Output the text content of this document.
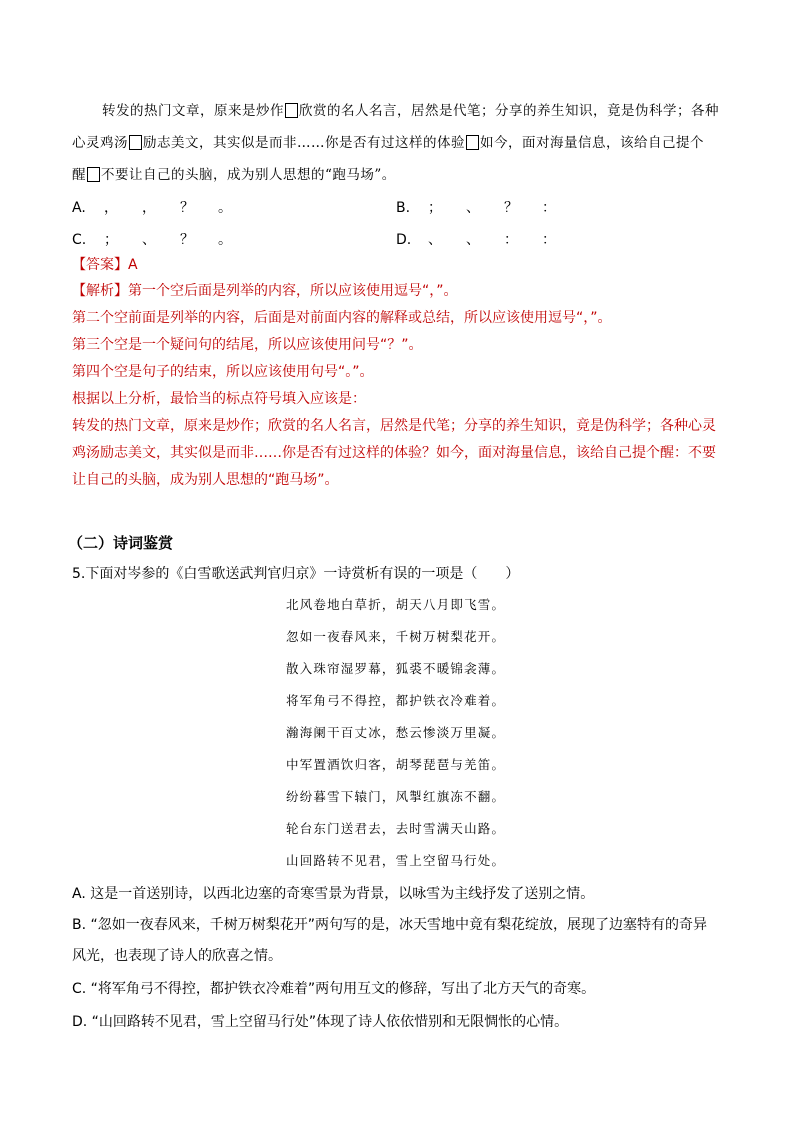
转发的热门文章，原来是炒作 欣赏的名人名言，居然是代笔；分享的养生知识，竟是伪科学；各种
心灵鸡汤 励志美文，其实似是而非……你是否有过这样的体验 如今，面对海量信息，该给自己提个
醒 不要让自己的头脑，成为别人思想的“跑马场”。
A. ， ， ？ 。	B. ； 、 ？ ：
C. ； 、 ？ 。	D. 、 、 ： ：
【答案】A
【解析】第一个空后面是列举的内容，所以应该使用逗号“，”。
第二个空前面是列举的内容，后面是对前面内容的解释或总结，所以应该使用逗号“，”。
第三个空是一个疑问句的结尾，所以应该使用问号“？”。
第四个空是句子的结束，所以应该使用句号“。”。
根据以上分析，最恰当的标点符号填入应该是：
转发的热门文章，原来是炒作；欣赏的名人名言，居然是代笔；分享的养生知识，竟是伪科学；各种心灵
鸡汤励志美文，其实似是而非……你是否有过这样的体验？如今，面对海量信息，该给自己提个醒：不要
让自己的头脑，成为别人思想的“跑马场”。
（二）诗词鉴赏
5.下面对岑参的《白雪歌送武判官归京》一诗赏析有误的一项是（　　）
北风卷地白草折，胡天八月即飞雪。
忽如一夜春风来，千树万树梨花开。
散入珠帘湿罗幕，狐裘不暖锦衾薄。
将军角弓不得控，都护铁衣冷难着。
瀚海阑干百丈冰，愁云惨淡万里凝。
中军置酒饮归客，胡琴琵琶与羌笛。
纷纷暮雪下辕门，风掣红旗冻不翻。
轮台东门送君去，去时雪满天山路。
山回路转不见君，雪上空留马行处。
A. 这是一首送别诗，以西北边塞的奇寒雪景为背景，以咏雪为主线抒发了送别之情。
B. “忽如一夜春风来，千树万树梨花开”两句写的是，冰天雪地中竟有梨花绽放，展现了边塞特有的奇异
风光，也表现了诗人的欣喜之情。
C. “将军角弓不得控，都护铁衣冷难着”两句用互文的修辞，写出了北方天气的奇寒。
D. “山回路转不见君，雪上空留马行处”体现了诗人依依惜别和无限惆怅的心情。
